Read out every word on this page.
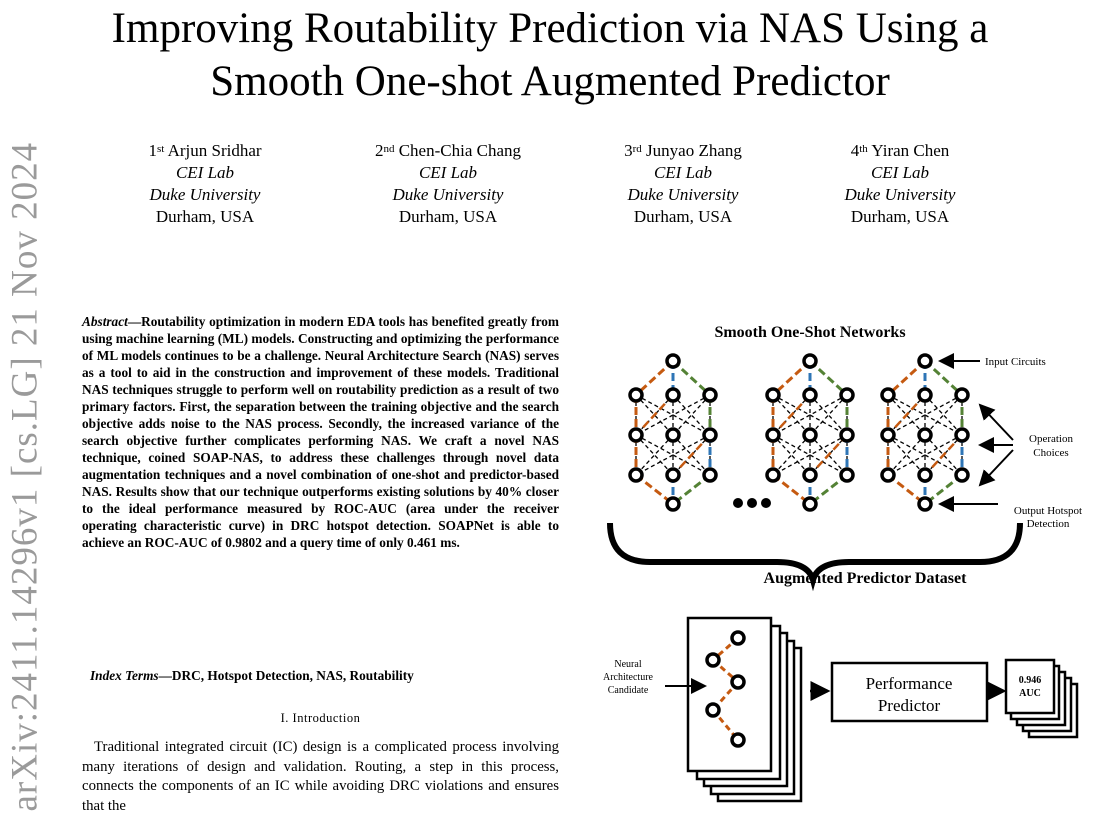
Improving Routability Prediction via NAS Using a
Smooth One-shot Augmented Predictor
1st Arjun Sridhar
CEI Lab
Duke University
Durham, USA
2nd Chen-Chia Chang
CEI Lab
Duke University
Durham, USA
3rd Junyao Zhang
CEI Lab
Duke University
Durham, USA
4th Yiran Chen
CEI Lab
Duke University
Durham, USA
arXiv:2411.14296v1 [cs.LG] 21 Nov 2024	Abstract—Routability optimization in modern EDA tools has benefited greatly from using machine learning (ML) models. Constructing and optimizing the performance of ML models continues to be a challenge. Neural Architecture Search (NAS) serves as a tool to aid in the construction and improvement of these models. Traditional NAS techniques struggle to perform well on routability prediction as a result of two primary factors. First, the separation between the training objective and the search objective adds noise to the NAS process. Secondly, the increased variance of the search objective further complicates performing NAS. We craft a novel NAS technique, coined SOAP-NAS, to address these challenges through novel data augmentation techniques and a novel combination of one-shot and predictor-based NAS. Results show that our technique outperforms existing solutions by 40% closer to the ideal performance measured by ROC-AUC (area under the receiver operating characteristic curve) in DRC hotspot detection. SOAPNet is able to achieve an ROC-AUC of 0.9802 and a query time of only 0.461 ms.
Index Terms—DRC, Hotspot Detection, NAS, Routability
I. Introduction
Traditional integrated circuit (IC) design is a complicated process involving many iterations of design and validation. Routing, a step in this process, connects the components of an IC while avoiding DRC violations and ensures that the
Smooth One-Shot Networks
Input Circuits
Operation
Choices
Output Hotspot
Detection
Augmented Predictor Dataset
Neural
Architecture
Candidate	Performance
Predictor
0.946
AUC
